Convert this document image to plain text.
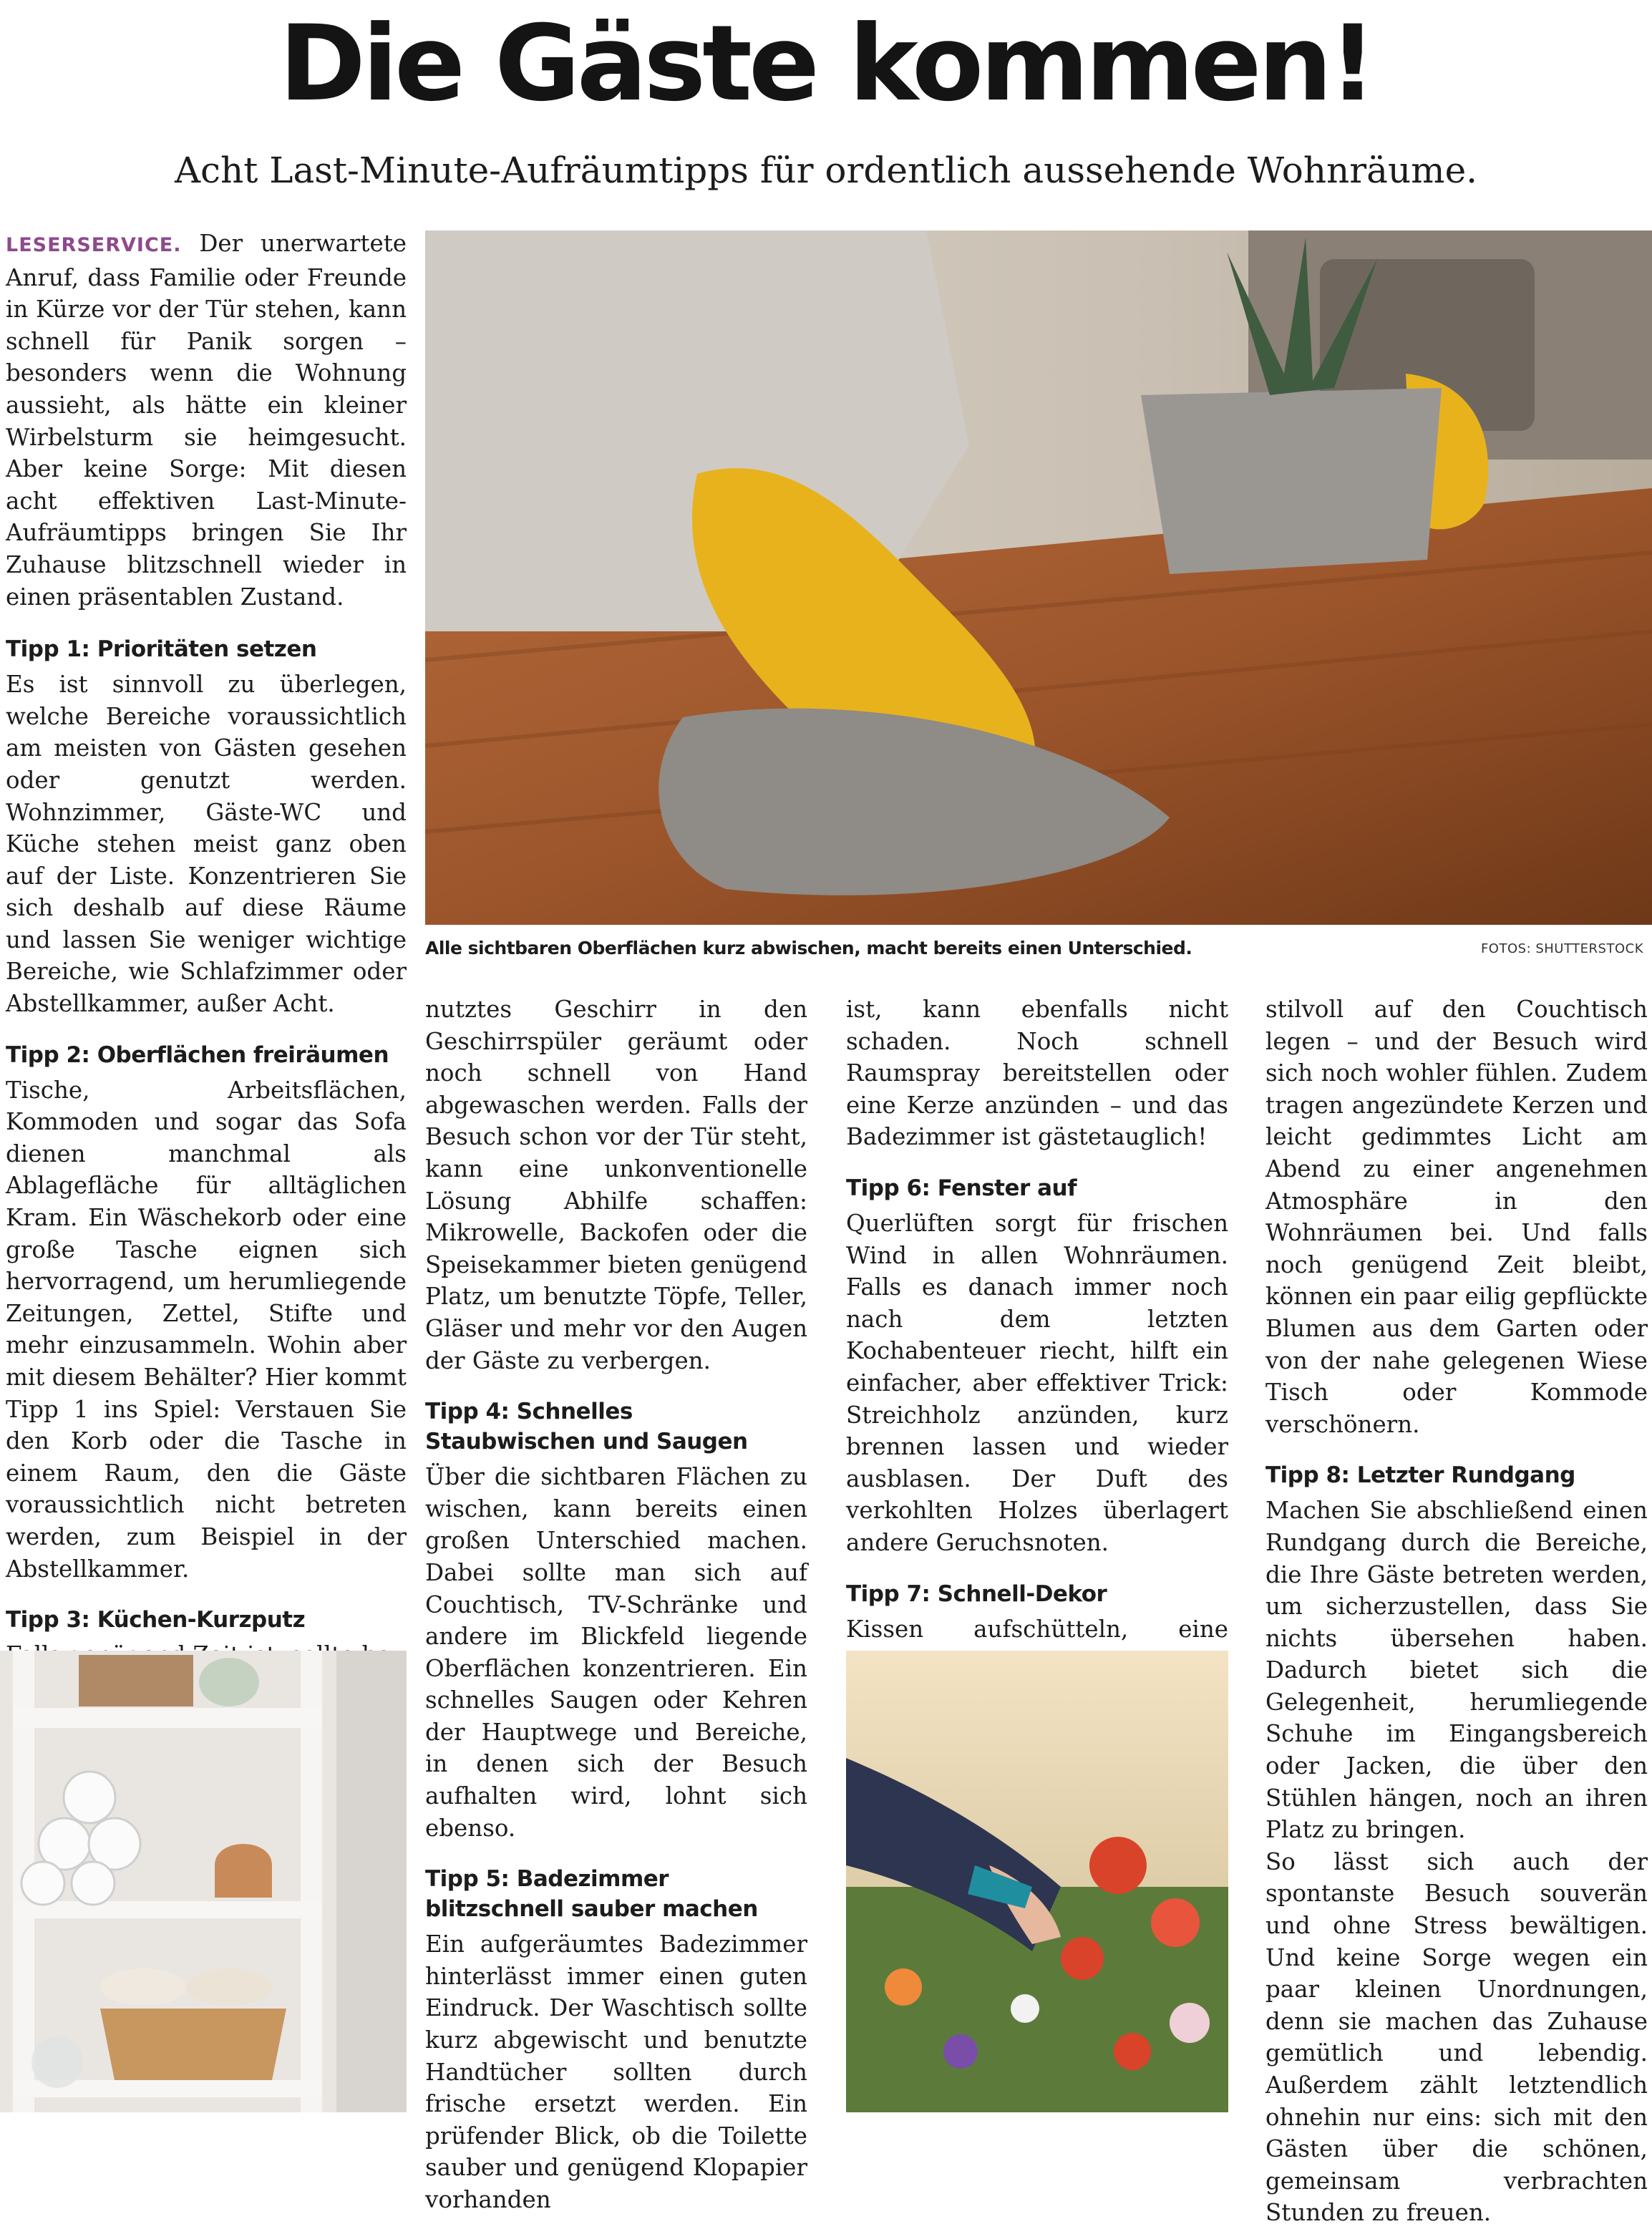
Die Gäste kommen!
Acht Last-Minute-Aufräumtipps für ordentlich aussehende Wohnräume.

LESERSERVICE. Der unerwartete Anruf, dass Familie oder Freunde in Kürze vor der Tür stehen, kann schnell für Panik sorgen – besonders wenn die Wohnung aussieht, als hätte ein kleiner Wirbelsturm sie heimgesucht. Aber keine Sorge: Mit diesen acht effektiven Last-Minute-Aufräumtipps bringen Sie Ihr Zuhause blitzschnell wieder in einen präsentablen Zustand.

Tipp 1: Prioritäten setzen

Es ist sinnvoll zu überlegen, welche Bereiche voraussichtlich am meisten von Gästen gesehen oder genutzt werden. Wohnzimmer, Gäste-WC und Küche stehen meist ganz oben auf der Liste. Konzentrieren Sie sich deshalb auf diese Räume und lassen Sie weniger wichtige Bereiche, wie Schlafzimmer oder Abstellkammer, außer Acht.

Tipp 2: Oberflächen freiräumen

Tische, Arbeitsflächen, Kommoden und sogar das Sofa dienen manchmal als Ablagefläche für alltäglichen Kram. Ein Wäschekorb oder eine große Tasche eignen sich hervorragend, um herumliegende Zeitungen, Zettel, Stifte und mehr einzusammeln. Wohin aber mit diesem Behälter? Hier kommt Tipp 1 ins Spiel: Verstauen Sie den Korb oder die Tasche in einem Raum, den die Gäste voraussichtlich nicht betreten werden, zum Beispiel in der Abstellkammer.

Tipp 3: Küchen-Kurzputz

Alle sichtbaren Oberflächen kurz abwischen, macht bereits einen Unterschied.	FOTOS: SHUTTERSTOCK

nutztes Geschirr in den Geschirrspüler geräumt oder noch schnell von Hand abgewaschen werden. Falls der Besuch schon vor der Tür steht, kann eine unkonventionelle Lösung Abhilfe schaffen: Mikrowelle, Backofen oder die Speisekammer bieten genügend Platz, um benutzte Töpfe, Teller, Gläser und mehr vor den Augen der Gäste zu verbergen.

Tipp 4: Schnelles Staubwischen und Saugen

Über die sichtbaren Flächen zu wischen, kann bereits einen großen Unterschied machen. Dabei sollte man sich auf Couchtisch, TV-Schränke und andere im Blickfeld liegende Oberflächen konzentrieren. Ein schnelles Saugen oder Kehren der Hauptwege und Bereiche, in denen sich der Besuch aufhalten wird, lohnt sich ebenso.

Tipp 5: Badezimmer blitzschnell sauber machen

Ein aufgeräumtes Badezimmer hinterlässt immer einen guten Eindruck. Der Waschtisch sollte kurz abgewischt und benutzte Handtücher sollten durch frische ersetzt werden. Ein prüfender Blick, ob die Toilette sauber und genügend Klopapier vorhanden

ist, kann ebenfalls nicht schaden. Noch schnell Raumspray bereitstellen oder eine Kerze anzünden – und das Badezimmer ist gästetauglich!

Tipp 6: Fenster auf

Querlüften sorgt für frischen Wind in allen Wohnräumen. Falls es danach immer noch nach dem letzten Kochabenteuer riecht, hilft ein einfacher, aber effektiver Trick: Streichholz anzünden, kurz brennen lassen und wieder ausblasen. Der Duft des verkohlten Holzes überlagert andere Geruchsnoten.

Tipp 7: Schnell-Dekor

Kissen aufschütteln, eine

stilvoll auf den Couchtisch legen – und der Besuch wird sich noch wohler fühlen. Zudem tragen angezündete Kerzen und leicht gedimmtes Licht am Abend zu einer angenehmen Atmosphäre in den Wohnräumen bei. Und falls noch genügend Zeit bleibt, können ein paar eilig gepflückte Blumen aus dem Garten oder von der nahe gelegenen Wiese Tisch oder Kommode verschönern.

Tipp 8: Letzter Rundgang

Machen Sie abschließend einen Rundgang durch die Bereiche, die Ihre Gäste betreten werden, um sicherzustellen, dass Sie nichts übersehen haben. Dadurch bietet sich die Gelegenheit, herumliegende Schuhe im Eingangsbereich oder Jacken, die über den Stühlen hängen, noch an ihren Platz zu bringen.

So lässt sich auch der spontanste Besuch souverän und ohne Stress bewältigen. Und keine Sorge wegen ein paar kleinen Unordnungen, denn sie machen das Zuhause gemütlich und lebendig. Außerdem zählt letztendlich ohnehin nur eins: sich mit den Gästen über die schönen, gemeinsam verbrachten Stunden zu freuen.
